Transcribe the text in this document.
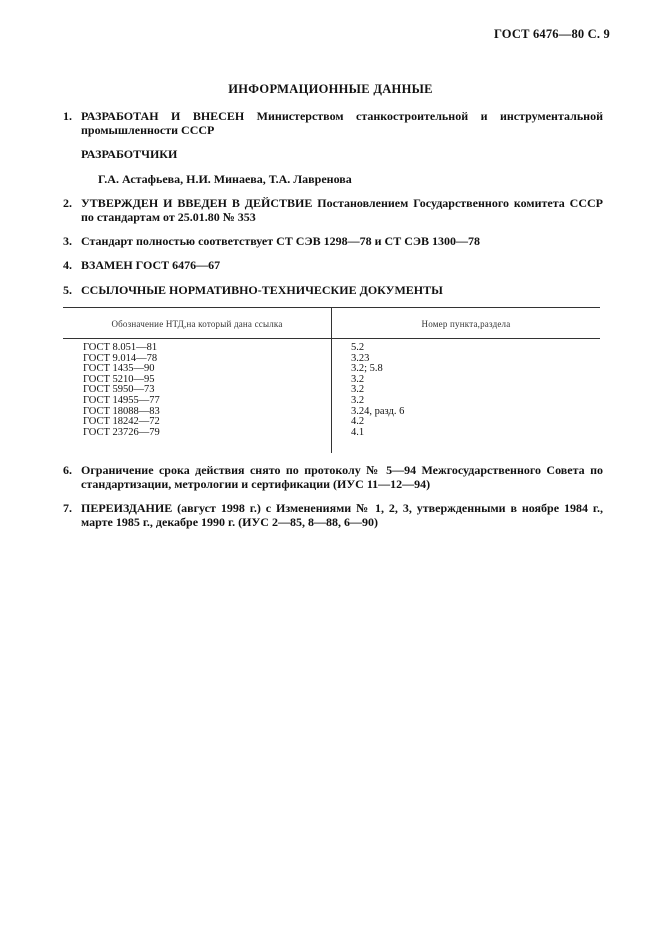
ГОСТ 6476—80 С. 9
ИНФОРМАЦИОННЫЕ ДАННЫЕ
1. РАЗРАБОТАН И ВНЕСЕН Министерством станкостроительной и инструментальной промышленности СССР
РАЗРАБОТЧИКИ
Г.А. Астафьева, Н.И. Минаева, Т.А. Лавренова
2. УТВЕРЖДЕН И ВВЕДЕН В ДЕЙСТВИЕ Постановлением Государственного комитета СССР по стандартам от 25.01.80 № 353
3. Стандарт полностью соответствует СТ СЭВ 1298—78 и СТ СЭВ 1300—78
4. ВЗАМЕН ГОСТ 6476—67
5. ССЫЛОЧНЫЕ НОРМАТИВНО-ТЕХНИЧЕСКИЕ ДОКУМЕНТЫ
Обозначение НТД,на который дана ссылка	Номер пункта,раздела
ГОСТ 8.051—81
ГОСТ 9.014—78
ГОСТ 1435—90
ГОСТ 5210—95
ГОСТ 5950—73
ГОСТ 14955—77
ГОСТ 18088—83
ГОСТ 18242—72
ГОСТ 23726—79
5.2
3.23
3.2; 5.8
3.2
3.2
3.2
3.24, разд. 6
4.2
4.1
6. Ограничение срока действия снято по протоколу № 5—94 Межгосударственного Совета по стандартизации, метрологии и сертификации (ИУС 11—12—94)
7. ПЕРЕИЗДАНИЕ (август 1998 г.) с Изменениями № 1, 2, 3, утвержденными в ноябре 1984 г., марте 1985 г., декабре 1990 г. (ИУС 2—85, 8—88, 6—90)
